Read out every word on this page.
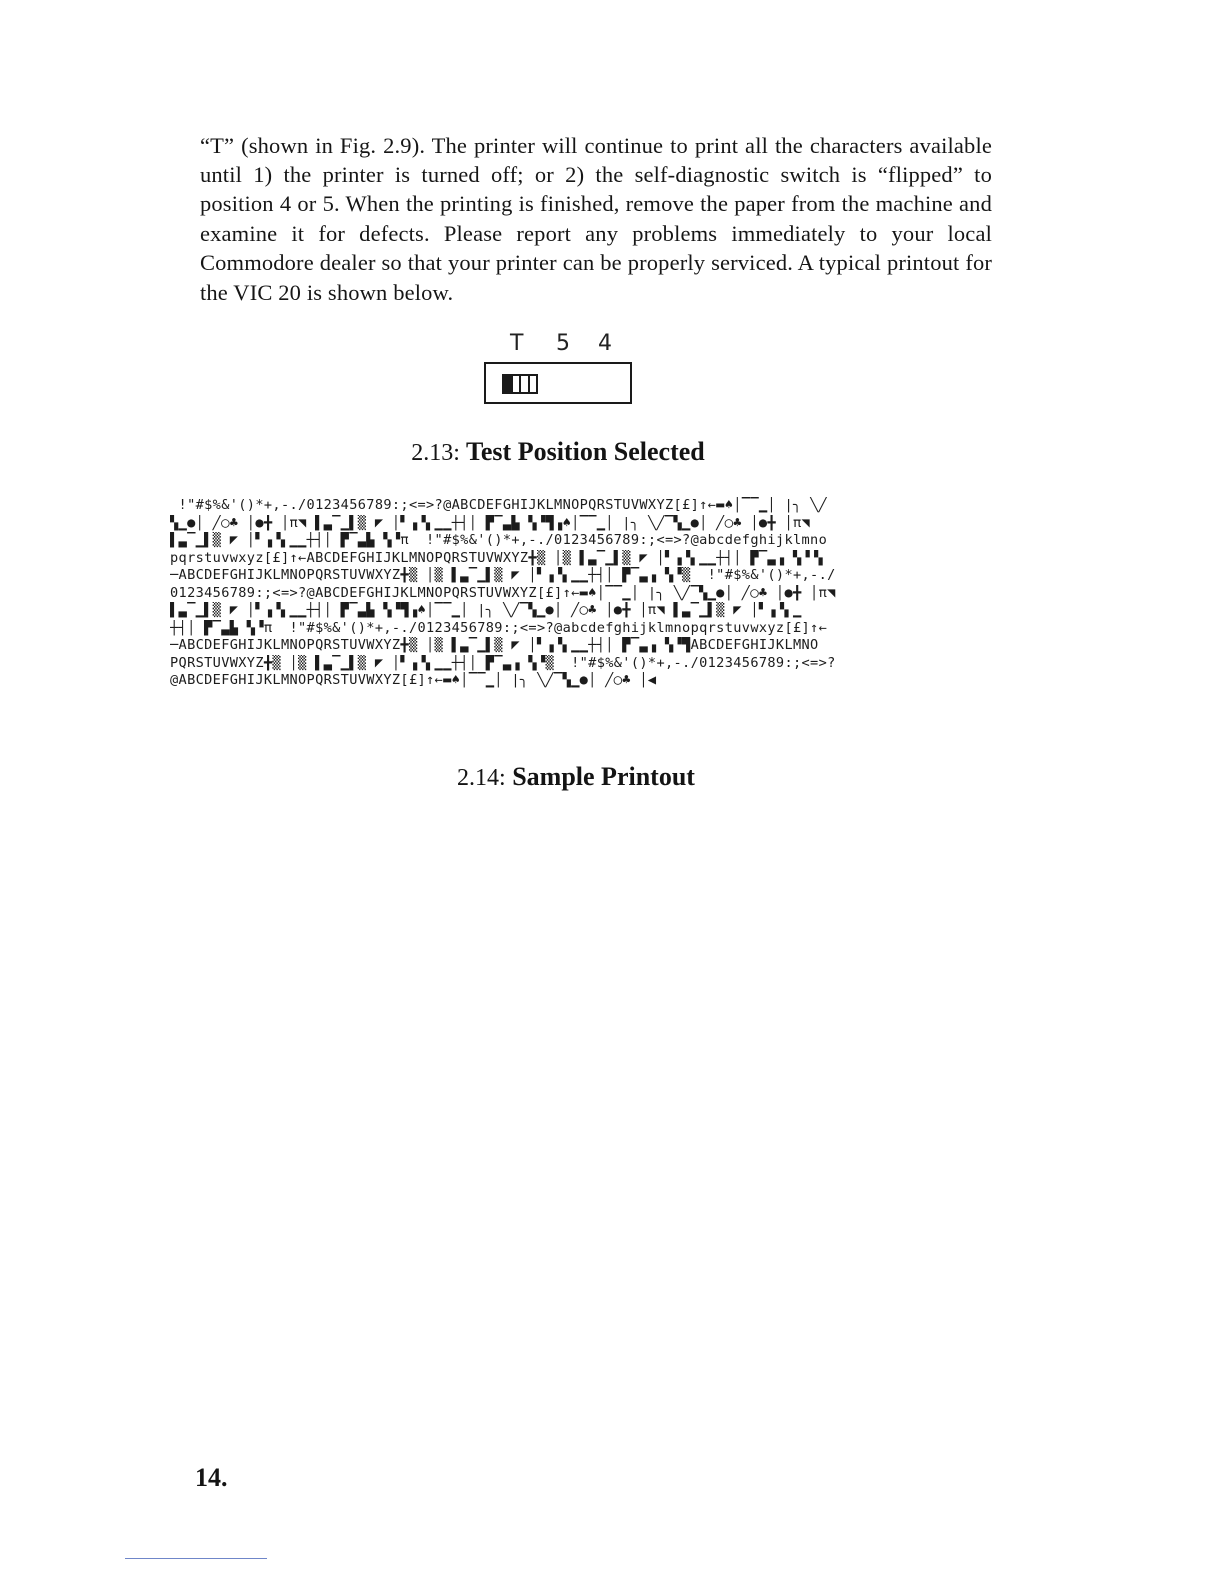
“T” (shown in Fig. 2.9). The printer will continue to print all the characters available until 1) the printer is turned off; or 2) the self-diagnostic switch is “flipped” to position 4 or 5. When the printing is finished, remove the paper from the machine and examine it for defects. Please report any problems immediately to your local Commodore dealer so that your printer can be properly serviced. A typical printout for the VIC 20 is shown below.

T 5 4
2.13: Test Position Selected
!"#$%&'()*+,-./0123456789:;<=>?@ABCDEFGHIJKLMNOPQRSTUVWXYZ[£]↑←▬♠│▔▔▁│ |╮ ╲╱
▚▁●│ ╱◯♣ │●╋ │π◥ ▌▃▔▁▌▒ ◤ │▘▗▝▖▁▁┼┤│ ▛▔▃▙ ▚▝▜▗♠│▔▔▁│ |╮ ╲╱▔▚▁●│ ╱◯♣ │●╋ │π◥
▌▃▔▁▌▒ ◤ │▘▗▝▖▁▁┼┤│ ▛▔▃▙ ▚▝π  !"#$%&'()*+,-./0123456789:;<=>?@abcdefghijklmno
pqrstuvwxyz[£]↑←ABCDEFGHIJKLMNOPQRSTUVWXYZ╋▒ │▒ ▌▃▔▁▌▒ ◤ │▘▗▝▖▁▁┼┤│ ▛▔▃▗ ▚▝▝▖
─ABCDEFGHIJKLMNOPQRSTUVWXYZ╋▒ │▒ ▌▃▔▁▌▒ ◤ │▘▗▝▖▁▁┼┤│ ▛▔▃▗ ▚▝▒  !"#$%&'()*+,-./
0123456789:;<=>?@ABCDEFGHIJKLMNOPQRSTUVWXYZ[£]↑←▬♠│▔▔▁│ |╮ ╲╱▔▚▁●│ ╱◯♣ │●╋ │π◥
▌▃▔▁▌▒ ◤ │▘▗▝▖▁▁┼┤│ ▛▔▃▙ ▚▝▜▗♠│▔▔▁│ |╮ ╲╱▔▚▁●│ ╱◯♣ │●╋ │π◥ ▌▃▔▁▌▒ ◤ │▘▗▝▖▁
┼┤│ ▛▔▃▙ ▚▝π  !"#$%&'()*+,-./0123456789:;<=>?@abcdefghijklmnopqrstuvwxyz[£]↑←
─ABCDEFGHIJKLMNOPQRSTUVWXYZ╋▒ │▒ ▌▃▔▁▌▒ ◤ │▘▗▝▖▁▁┼┤│ ▛▔▃▗ ▚▝▜ABCDEFGHIJKLMNO
PQRSTUVWXYZ╋▒ │▒ ▌▃▔▁▌▒ ◤ │▘▗▝▖▁▁┼┤│ ▛▔▃▗ ▚▝▒  !"#$%&'()*+,-./0123456789:;<=>?
@ABCDEFGHIJKLMNOPQRSTUVWXYZ[£]↑←▬♠│▔▔▁│ |╮ ╲╱▔▚▁●│ ╱◯♣ │◀
2.14: Sample Printout
14.
